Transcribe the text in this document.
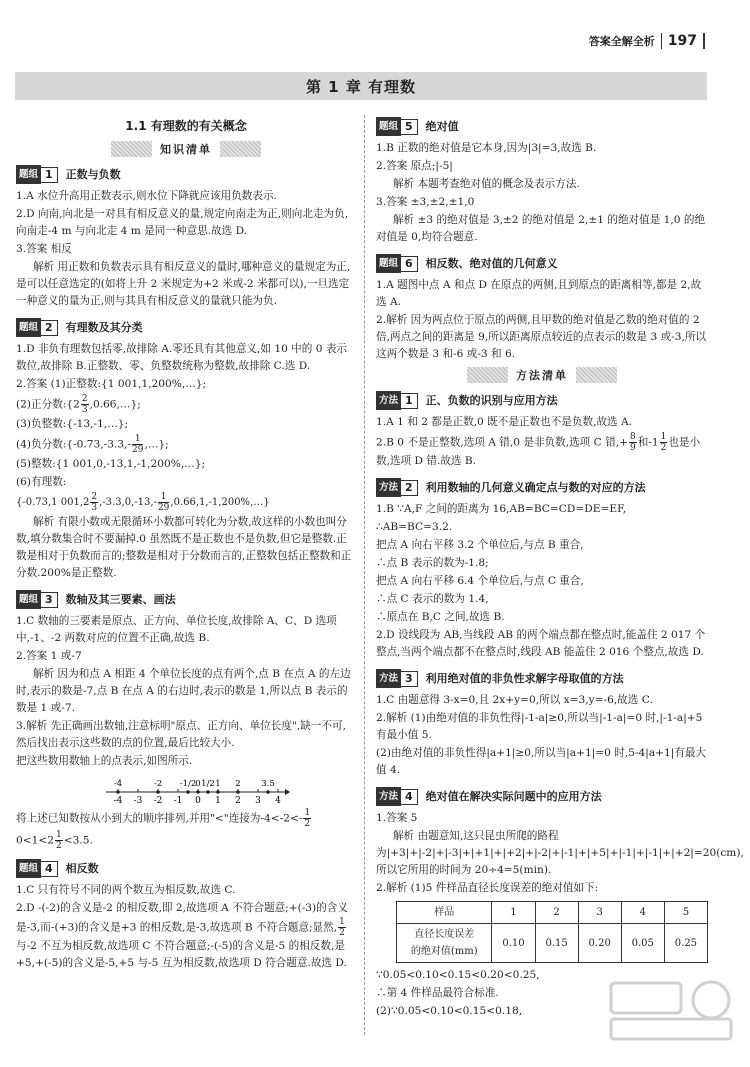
答案全解全析 197
第 1 章 有理数
1.1 有理数的有关概念
知识清单
题组 1	正数与负数

1.A 水位升高用正数表示,则水位下降就应该用负数表示.

2.D 向南,向北是一对具有相反意义的量,规定向南走为正,则向北走为负,向南走-4 m 与向北走 4 m 是同一种意思.故选 D.

3.答案 相反

解析 用正数和负数表示具有相反意义的量时,哪种意义的量规定为正,是可以任意选定的(如将上升 2 米规定为+2 米或-2 米都可以),一旦选定一种意义的量为正,则与其具有相反意义的量就只能为负.

题组 2	有理数及其分类

1.D 非负有理数包括零,故排除 A.零还具有其他意义,如 10 中的 0 表示数位,故排除 B.正整数、零、负整数统称为整数,故排除 C.选 D.

2.答案 (1)正整数:{1 001,1,200%,…};

(2)正分数:{2 $\frac{2}{3}$ ,0.66,…};

(3)负整数:{-13,-1,…};

(4)负分数:{-0.73,-3.3,- $\frac{1}{29}$ ,…};

(5)整数:{1 001,0,-13,1,-1,200%,…};

(6)有理数:

{-0.73,1 $001,2 \frac{2}{3} ,-3.3,0,-13,- \frac{1}{29}$ ,0.66,1,-1,200%,…}

解析 有限小数或无限循环小数都可转化为分数,故这样的小数也叫分数,填分数集合时不要漏掉.0 虽然既不是正数也不是负数,但它是整数.正数是相对于负数而言的;整数是相对于分数而言的,正整数包括正整数和正分数.200%是正整数.

题组 3	数轴及其三要素、画法

1.C 数轴的三要素是原点、正方向、单位长度,故排除 A、C、D 选项中,-1、-2 两数对应的位置不正确,故选 B.

2.答案 1 或-7

解析 因为和点 A 相距 4 个单位长度的点有两个,点 B 在点 A 的左边时,表示的数是-7,点 B 在点 A 的右边时,表示的数是 1,所以点 B 表示的数是 1 或-7.

3.解析 先正确画出数轴,注意标明"原点、正方向、单位长度",缺一不可,然后找出表示这些数的点的位置,最后比较大小.

把这些数用数轴上的点表示,如图所示.

-4	-2	0 1 2 3.5
-1/2 1/2
-4 -3 -2 -1 0 1 2 3 4

将上述已知数按从小到大的顺序排列,并用"<"连接为$-4<-2<- \frac{1}{2}$

$0<1<2 \frac{1}{2} <3.5$.

题组 4	相反数

1.C 只有符号不同的两个数互为相反数,故选 C.

2.D -(-2)的含义是-2 的相反数,即 2,故选项 A 不符合题意;+(-3)的含义是-3,而-(+3)的含义是+3 的相反数,是-3,故选项 B 不符合题意;显然, $\frac{1}{2}$
与-2 不互为相反数,故选项 C 不符合题意;-(-5)的含义是-5 的相反数,是+5,+(-5)的含义是-5,+5 与-5 互为相反数,故选项 D 符合题意.故选 D.

题组 5	绝对值

1.B 正数的绝对值是它本身,因为|3|=3,故选 B.

2.答案 原点;|-5|

解析 本题考查绝对值的概念及表示方法.

3.答案 ±3,±2,±1,0

解析 ±3 的绝对值是 3,±2 的绝对值是 2,±1 的绝对值是 1,0 的绝对值是 0,均符合题意.

题组 6	相反数、绝对值的几何意义

1.A 题图中点 A 和点 D 在原点的两侧,且到原点的距离相等,都是 2,故选 A.

2.解析 因为两点位于原点的两侧,且甲数的绝对值是乙数的绝对值的 2 倍,两点之间的距离是 9,所以距离原点较近的点表示的数是 3 或-3,所以这两个数是 3 和-6 或-3 和 6.

方法清单
方法 1	正、负数的识别与应用方法

1.A 1 和 2 都是正数,0 既不是正数也不是负数,故选 A.

2.B 0 不是正整数,选项 A 错,0 是非负数,选项 C 错,+ $\frac{8}{9}$ 和$-1 \frac{1}{2}$ 也是小数,选项 D 错.故选 B.

方法 2	利用数轴的几何意义确定点与数的对应的方法

1.B ∵A,F 之间的距离为 16,AB=BC=CD=DE=EF,

∴AB=BC=3.2.

把点 A 向右平移 3.2 个单位后,与点 B 重合,

∴点 B 表示的数为-1.8;

把点 A 向右平移 6.4 个单位后,与点 C 重合,

∴点 C 表示的数为 1.4,

∴原点在 B,C 之间,故选 B.

2.D 设线段为 AB,当线段 AB 的两个端点都在整点时,能盖住 2 017 个整点,当两个端点都不在整点时,线段 AB 能盖住 2 016 个整点,故选 D.

方法 3	利用绝对值的非负性求解字母取值的方法

1.C 由题意得 3-x=0,且 2x+y=0,所以 x=3,y=-6,故选 C.

2.解析 (1)由绝对值的非负性得|-1-a|≥0,所以当|-1-a|=0 时,|-1-a|+5 有最小值 5.

(2)由绝对值的非负性得|a+1|≥0,所以当|a+1|=0 时,5-4|a+1|有最大值 4.

方法 4	绝对值在解决实际问题中的应用方法

1.答案 5

解析 由题意知,这只昆虫所爬的路程为|+3|+|-2|+|-3|+|+1|+|+2|+|-2|+|-1|+|+5|+|-1|+|-1|+|+2|=20(cm),所以它所用的时间为 20÷4=5(min).

2.解析 (1)5 件样品直径长度误差的绝对值如下:

样品	1	2	3	4	5

直径长度误差
的绝对值(mm)	0.10	0.15	0.20	0.05	0.25

∵0.05<0.10<0.15<0.20<0.25,

∴第 4 件样品最符合标准.

(2)∵0.05<0.10<0.15<0.18,
